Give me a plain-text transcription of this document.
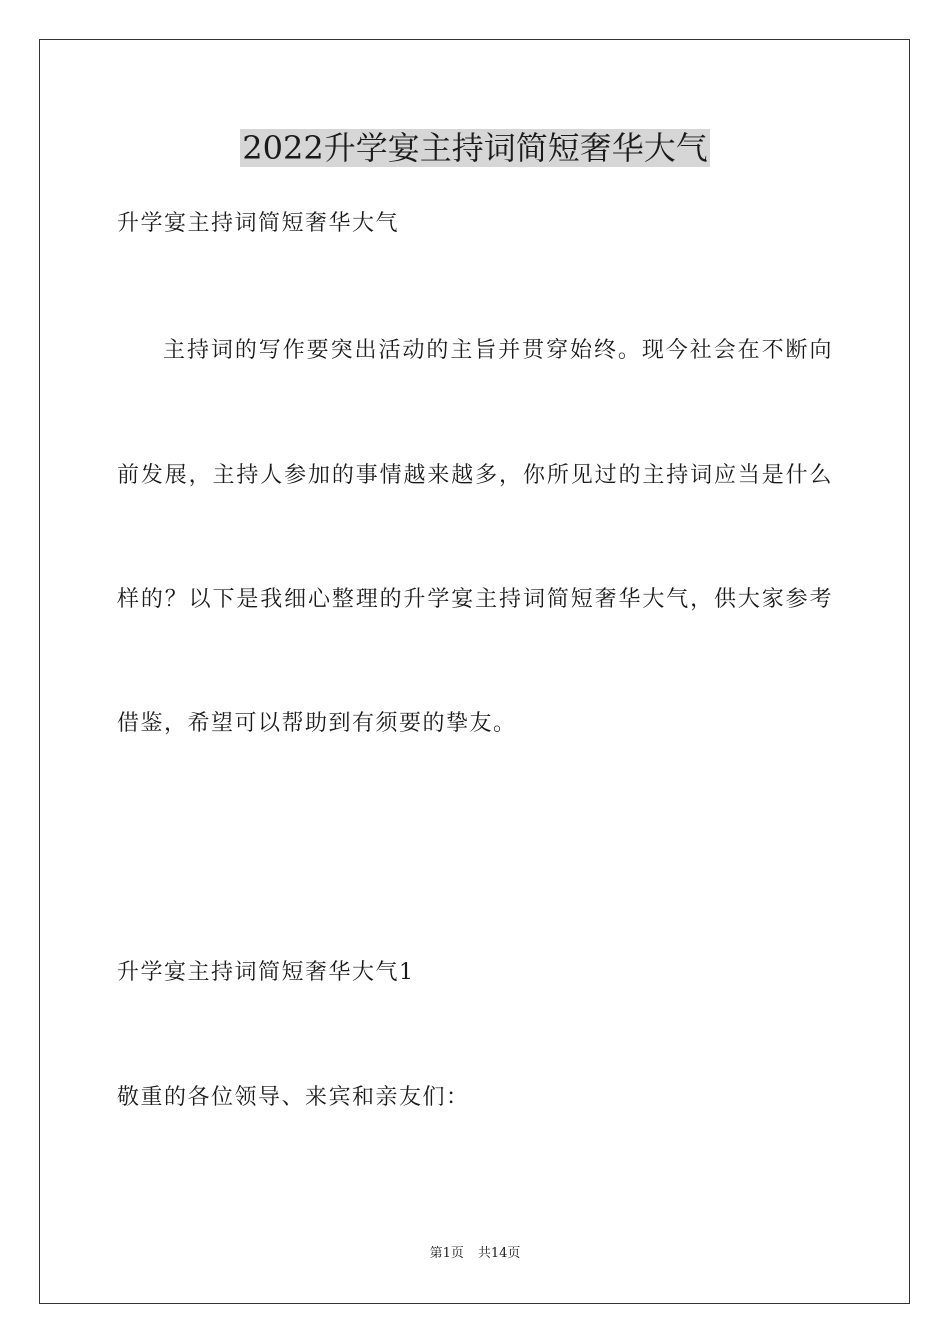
2022升学宴主持词简短奢华大气
升学宴主持词简短奢华大气
主持词的写作要突出活动的主旨并贯穿始终。现今社会在不断向
前发展，主持人参加的事情越来越多，你所见过的主持词应当是什么
样的？以下是我细心整理的升学宴主持词简短奢华大气，供大家参考
借鉴，希望可以帮助到有须要的挚友。
升学宴主持词简短奢华大气1
敬重的各位领导、来宾和亲友们：
第1页 共14页
